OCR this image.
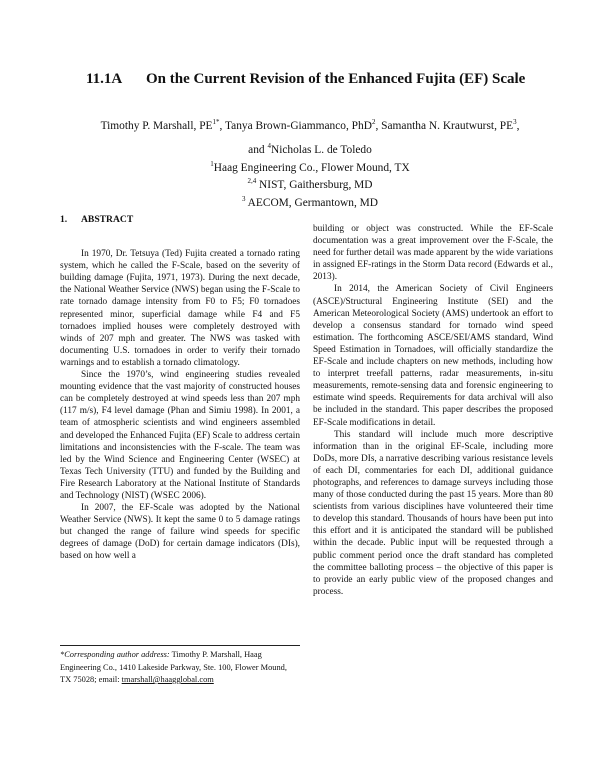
11.1A On the Current Revision of the Enhanced Fujita (EF) Scale
Timothy P. Marshall, $PE^{1*}$, Tanya Brown-Giammanco, PhD$^2$, Samantha N. Krautwurst, $PE^3$,
and $^4$Nicholas L. de Toledo
$^1$Haag Engineering Co., Flower Mound, TX
$^{2,4}$ NIST, Gaithersburg, MD
$^3$ AECOM, Germantown, MD
1. ABSTRACT

In 1970, Dr. Tetsuya (Ted) Fujita created a tornado rating system, which he called the F-Scale, based on the severity of building damage (Fujita, 1971, 1973). During the next decade, the National Weather Service (NWS) began using the F-Scale to rate tornado damage intensity from F0 to F5; F0 tornadoes represented minor, superficial damage while F4 and F5 tornadoes implied houses were completely destroyed with winds of 207 mph and greater. The NWS was tasked with documenting U.S. tornadoes in order to verify their tornado warnings and to establish a tornado climatology.

Since the 1970’s, wind engineering studies revealed mounting evidence that the vast majority of constructed houses can be completely destroyed at wind speeds less than 207 mph (117 m/s), F4 level damage (Phan and Simiu 1998). In 2001, a team of atmospheric scientists and wind engineers assembled and developed the Enhanced Fujita (EF) Scale to address certain limitations and inconsistencies with the F-scale. The team was led by the Wind Science and Engineering Center (WSEC) at Texas Tech University (TTU) and funded by the Building and Fire Research Laboratory at the National Institute of Standards and Technology (NIST) (WSEC 2006).

In 2007, the EF-Scale was adopted by the National Weather Service (NWS). It kept the same 0 to 5 damage ratings but changed the range of failure wind speeds for specific degrees of damage (DoD) for certain damage indicators (DIs), based on how well a

building or object was constructed. While the EF-Scale documentation was a great improvement over the F-Scale, the need for further detail was made apparent by the wide variations in assigned EF-ratings in the Storm Data record (Edwards et al., 2013).

In 2014, the American Society of Civil Engineers (ASCE)/Structural Engineering Institute (SEI) and the American Meteorological Society (AMS) undertook an effort to develop a consensus standard for tornado wind speed estimation. The forthcoming ASCE/SEI/AMS standard, Wind Speed Estimation in Tornadoes, will officially standardize the EF-Scale and include chapters on new methods, including how to interpret treefall patterns, radar measurements, in-situ measurements, remote-sensing data and forensic engineering to estimate wind speeds. Requirements for data archival will also be included in the standard. This paper describes the proposed EF-Scale modifications in detail.

This standard will include much more descriptive information than in the original EF-Scale, including more DoDs, more DIs, a narrative describing various resistance levels of each DI, commentaries for each DI, additional guidance photographs, and references to damage surveys including those many of those conducted during the past 15 years. More than 80 scientists from various disciplines have volunteered their time to develop this standard. Thousands of hours have been put into this effort and it is anticipated the standard will be published within the decade. Public input will be requested through a public comment period once the draft standard has completed the committee balloting process – the objective of this paper is to provide an early public view of the proposed changes and process.

*Corresponding author address: Timothy P. Marshall, Haag Engineering Co., 1410 Lakeside Parkway, Ste. 100, Flower Mound, TX 75028; email: tmarshall@haagglobal.com
